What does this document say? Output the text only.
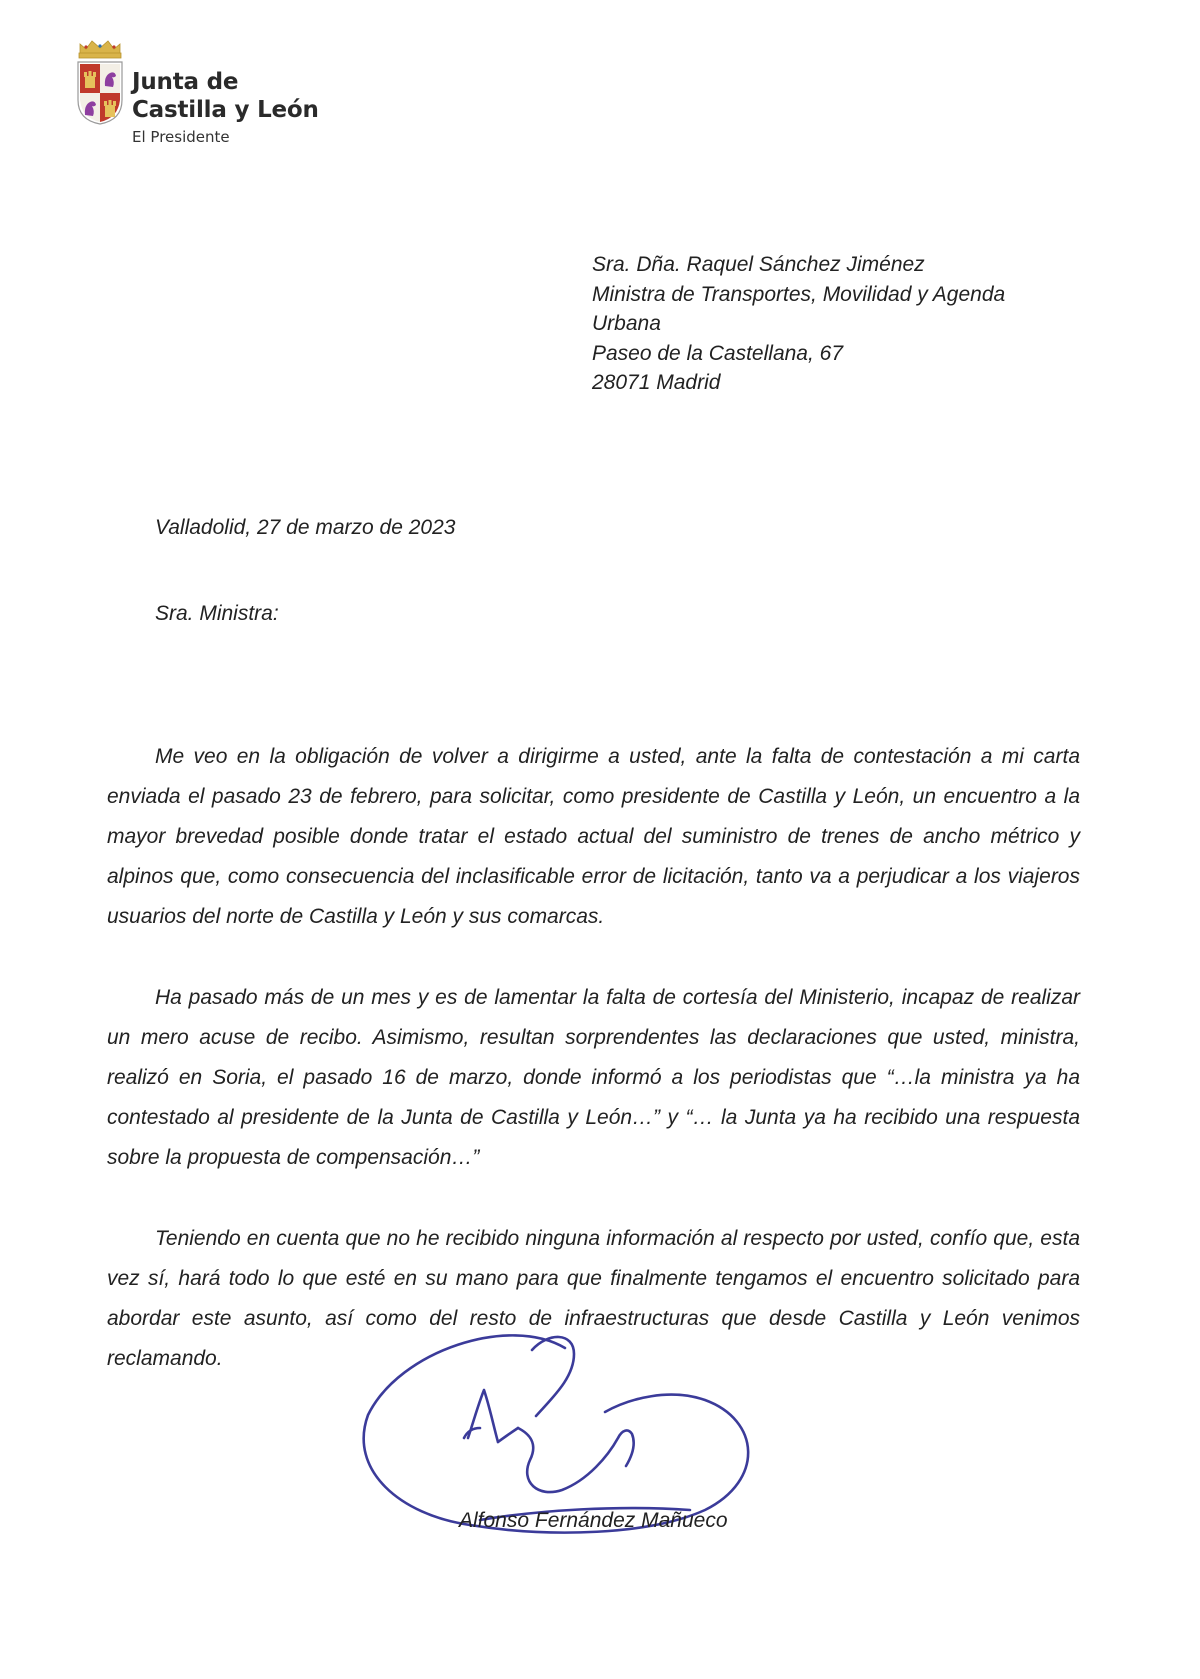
Junta de
Castilla y León
El Presidente
Sra. Dña. Raquel Sánchez Jiménez
Ministra de Transportes, Movilidad y Agenda
Urbana
Paseo de la Castellana, 67
28071 Madrid
Valladolid, 27 de marzo de 2023
Sra. Ministra:

Me veo en la obligación de volver a dirigirme a usted, ante la falta de contestación a mi carta enviada el pasado 23 de febrero, para solicitar, como presidente de Castilla y León, un encuentro a la mayor brevedad posible donde tratar el estado actual del suministro de trenes de ancho métrico y alpinos que, como consecuencia del inclasificable error de licitación, tanto va a perjudicar a los viajeros usuarios del norte de Castilla y León y sus comarcas.

Ha pasado más de un mes y es de lamentar la falta de cortesía del Ministerio, incapaz de realizar un mero acuse de recibo. Asimismo, resultan sorprendentes las declaraciones que usted, ministra, realizó en Soria, el pasado 16 de marzo, donde informó a los periodistas que “…la ministra ya ha contestado al presidente de la Junta de Castilla y León…” y “… la Junta ya ha recibido una respuesta sobre la propuesta de compensación…”

Teniendo en cuenta que no he recibido ninguna información al respecto por usted, confío que, esta vez sí, hará todo lo que esté en su mano para que finalmente tengamos el encuentro solicitado para abordar este asunto, así como del resto de infraestructuras que desde Castilla y León venimos reclamando.

Alfonso Fernández Mañueco
